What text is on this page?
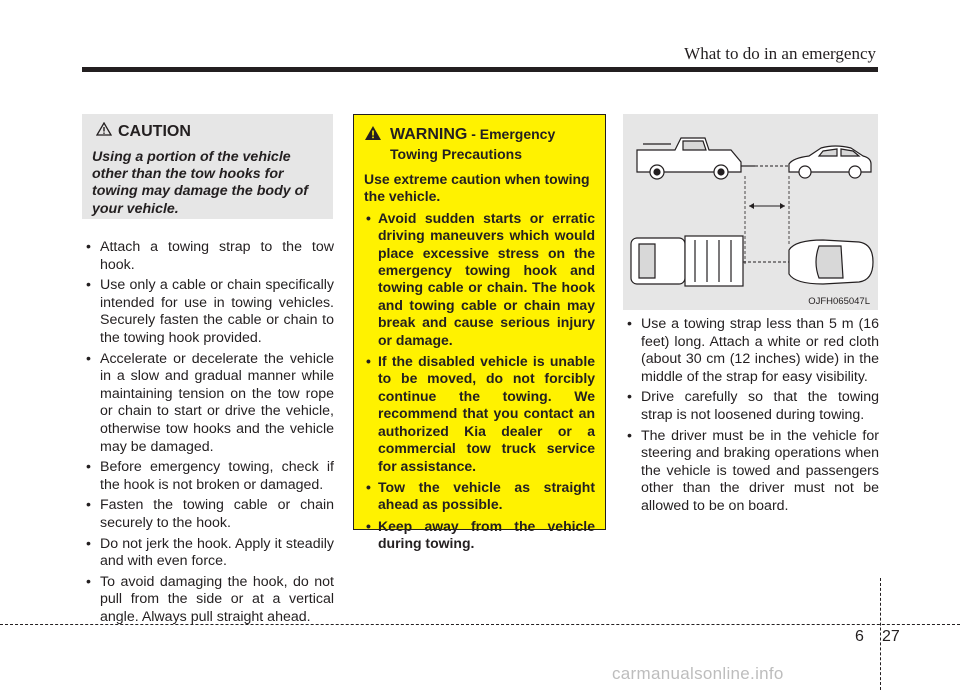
What to do in an emergency
CAUTION
Using a portion of the vehicle other than the tow hooks for towing may damage the body of your vehicle.
• Attach a towing strap to the tow hook.
• Use only a cable or chain specifically intended for use in towing vehicles. Securely fasten the cable or chain to the towing hook provided.
• Accelerate or decelerate the vehicle in a slow and gradual manner while maintaining tension on the tow rope or chain to start or drive the vehicle, otherwise tow hooks and the vehicle may be damaged.
• Before emergency towing, check if the hook is not broken or damaged.
• Fasten the towing cable or chain securely to the hook.
• Do not jerk the hook. Apply it steadily and with even force.
• To avoid damaging the hook, do not pull from the side or at a vertical angle. Always pull straight ahead.
WARNING - Emergency
Towing Precautions
Use extreme caution when towing the vehicle.
• Avoid sudden starts or erratic driving maneuvers which would place excessive stress on the emergency towing hook and towing cable or chain. The hook and towing cable or chain may break and cause serious injury or damage.
• If the disabled vehicle is unable to be moved, do not forcibly continue the towing. We recommend that you contact an authorized Kia dealer or a commercial tow truck service for assistance.
• Tow the vehicle as straight ahead as possible.
• Keep away from the vehicle during towing.
OJFH065047L
• Use a towing strap less than 5 m (16 feet) long. Attach a white or red cloth (about 30 cm (12 inches) wide) in the middle of the strap for easy visibility.
• Drive carefully so that the towing strap is not loosened during towing.
• The driver must be in the vehicle for steering and braking operations when the vehicle is towed and passengers other than the driver must not be allowed to be on board.
6 27
carmanualsonline.info
